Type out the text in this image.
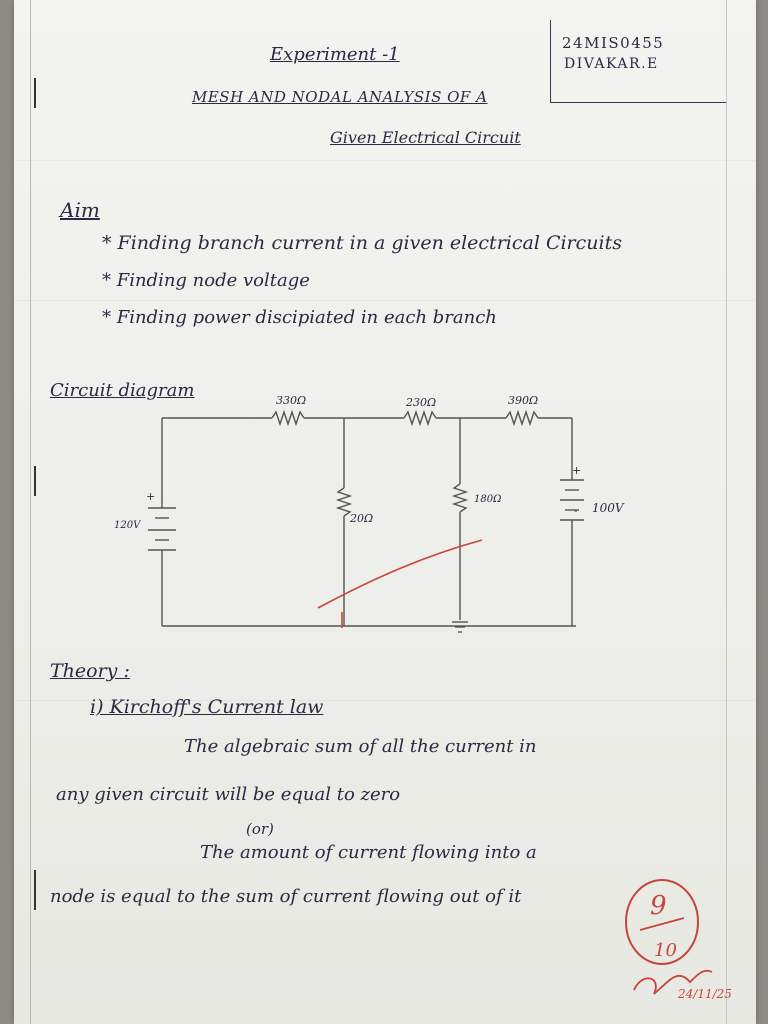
24MIS0455
DIVAKAR.E
Experiment -1
MESH AND NODAL ANALYSIS OF A
Given Electrical Circuit
Aim
* Finding branch current in a given electrical Circuits
* Finding node voltage
* Finding power discipiated in each branch
Circuit diagram	330Ω	230Ω	390Ω
20Ω
180Ω
120V
100V
+
+
-
Theory :
i) Kirchoff's Current law
The algebraic sum of all the current in
any given circuit will be equal to zero
(or)
The amount of current flowing into a
node is equal to the sum of current flowing out of it	9
10
24/11/25
